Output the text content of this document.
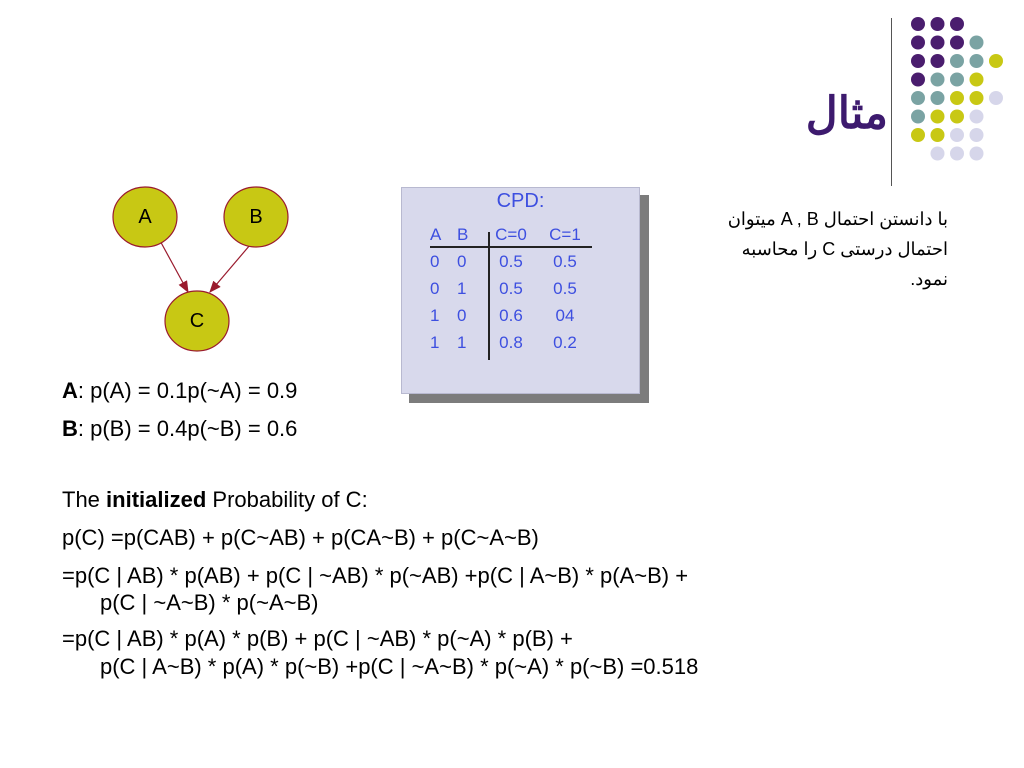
مثال
A	B
C
CPD:
A B	C=0	C=1
0	0	0.5	0.5
0	1	0.5	0.5
1	0	0.6	04
1	1	0.8	0.2
با دانستن احتمال A , B میتوان
احتمال درستی C را محاسبه
نمود.
A: p(A) = 0.1p(~A) = 0.9
B: p(B) = 0.4p(~B) = 0.6
The initialized Probability of C:
p(C) =p(CAB) + p(C~AB) + p(CA~B) + p(C~A~B)
=p(C | AB) * p(AB) + p(C | ~AB) * p(~AB) +p(C | A~B) * p(A~B) +
p(C | ~A~B) * p(~A~B)
=p(C | AB) * p(A) * p(B) + p(C | ~AB) * p(~A) * p(B) +
p(C | A~B) * p(A) * p(~B) +p(C | ~A~B) * p(~A) * p(~B) =0.518
